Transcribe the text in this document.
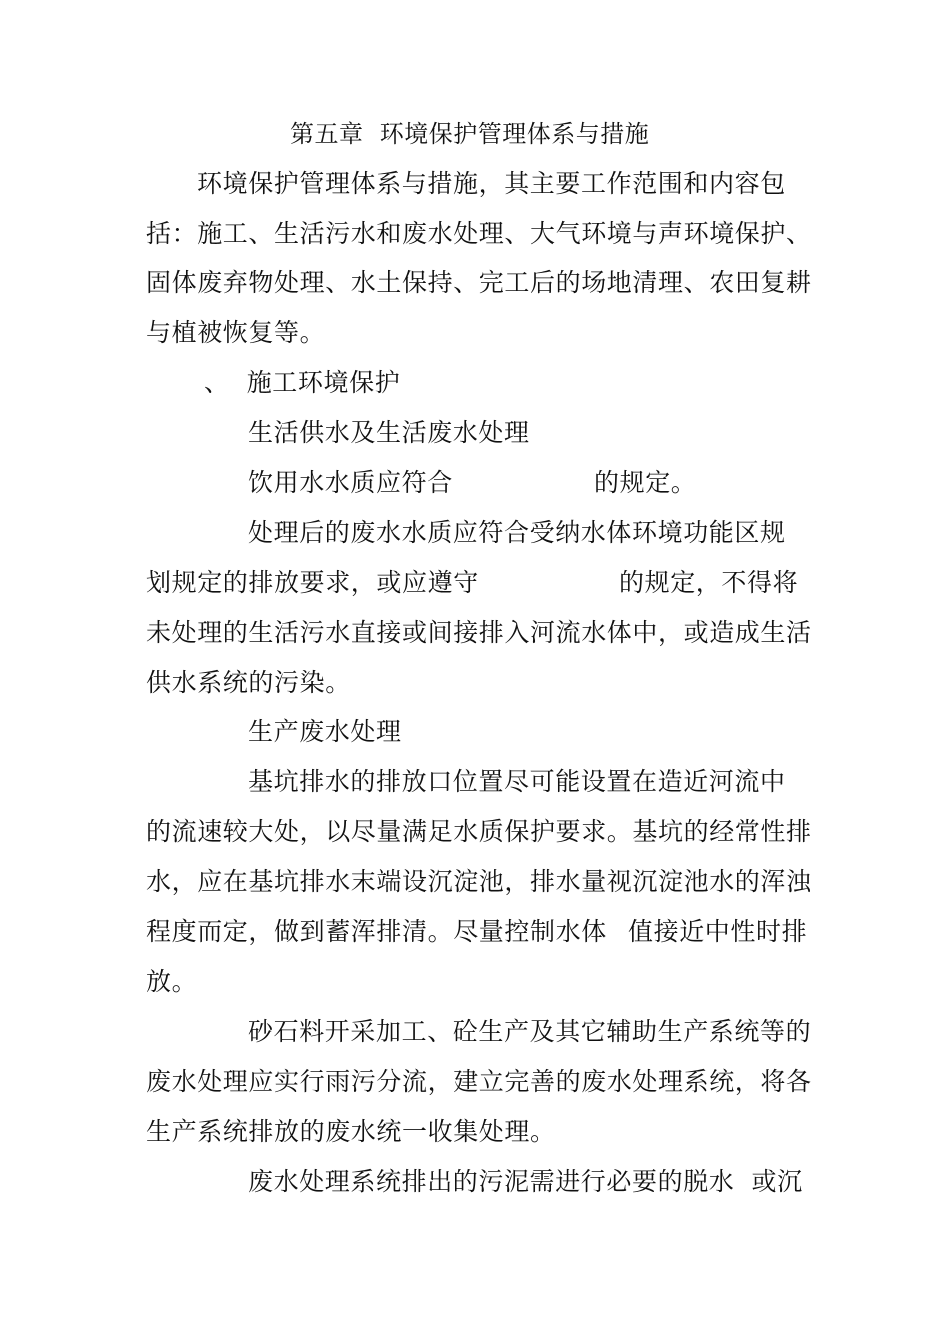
第五章  环境保护管理体系与措施
环境保护管理体系与措施，其主要工作范围和内容包
括：施工、生活污水和废水处理、大气环境与声环境保护、
固体废弃物处理、水土保持、完工后的场地清理、农田复耕
与植被恢复等。
、  施工环境保护
生活供水及生活废水处理
饮用水水质应符合	的规定。
处理后的废水水质应符合受纳水体环境功能区规
划规定的排放要求，或应遵守	的规定，不得将
未处理的生活污水直接或间接排入河流水体中，或造成生活
供水系统的污染。
生产废水处理
基坑排水的排放口位置尽可能设置在造近河流中
的流速较大处，以尽量满足水质保护要求。基坑的经常性排
水，应在基坑排水末端设沉淀池，排水量视沉淀池水的浑浊
程度而定，做到蓄浑排清。尽量控制水体 值接近中性时排
放。
砂石料开采加工、砼生产及其它辅助生产系统等的
废水处理应实行雨污分流，建立完善的废水处理系统，将各
生产系统排放的废水统一收集处理。
废水处理系统排出的污泥需进行必要的脱水  或沉
